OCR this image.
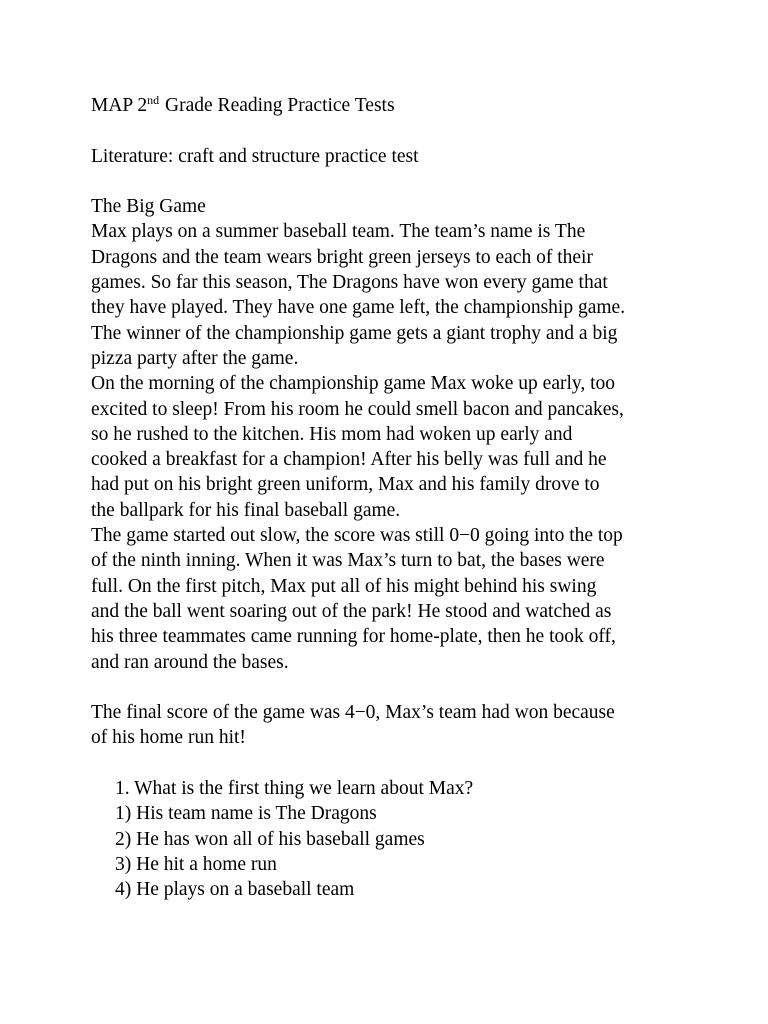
MAP 2nd Grade Reading Practice Tests

Literature: craft and structure practice test

The Big Game

Max plays on a summer baseball team. The team’s name is The

Dragons and the team wears bright green jerseys to each of their

games. So far this season, The Dragons have won every game that

they have played. They have one game left, the championship game.

The winner of the championship game gets a giant trophy and a big

pizza party after the game.

On the morning of the championship game Max woke up early, too

excited to sleep! From his room he could smell bacon and pancakes,

so he rushed to the kitchen. His mom had woken up early and

cooked a breakfast for a champion! After his belly was full and he

had put on his bright green uniform, Max and his family drove to

the ballpark for his final baseball game.

The game started out slow, the score was still 0−0 going into the top

of the ninth inning. When it was Max’s turn to bat, the bases were

full. On the first pitch, Max put all of his might behind his swing

and the ball went soaring out of the park! He stood and watched as

his three teammates came running for home-plate, then he took off,

and ran around the bases.

The final score of the game was 4−0, Max’s team had won because

of his home run hit!

1. What is the first thing we learn about Max?

1) His team name is The Dragons

2) He has won all of his baseball games

3) He hit a home run

4) He plays on a baseball team
